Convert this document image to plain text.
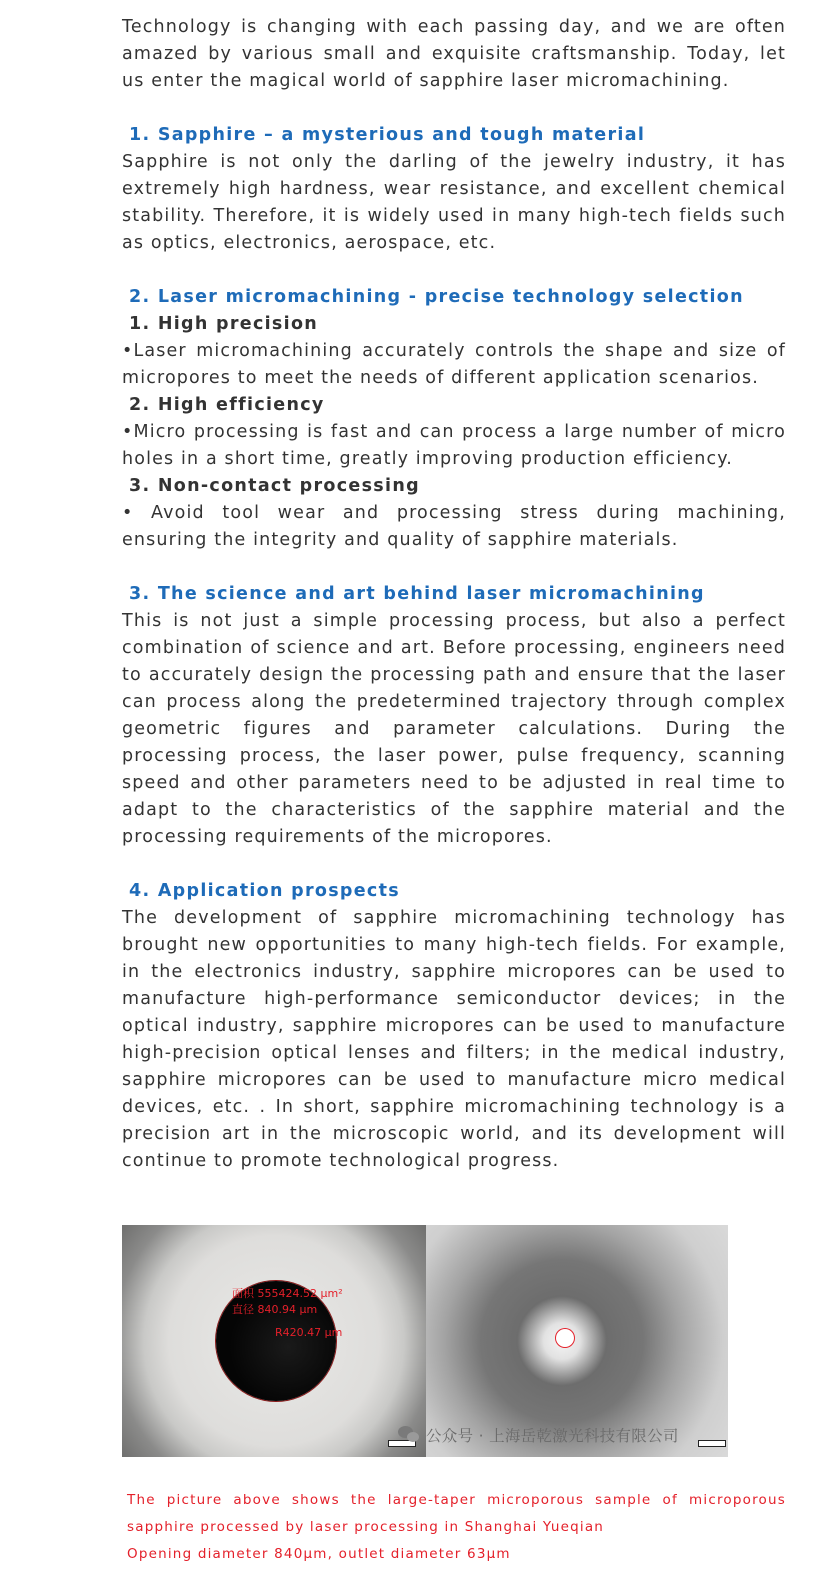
Technology is changing with each passing day, and we are often amazed by various small and exquisite craftsmanship. Today, let us enter the magical world of sapphire laser micromachining.

1. Sapphire – a mysterious and tough material

Sapphire is not only the darling of the jewelry industry, it has extremely high hardness, wear resistance, and excellent chemical stability. Therefore, it is widely used in many high-tech fields such as optics, electronics, aerospace, etc.

2. Laser micromachining - precise technology selection

1. High precision

•Laser micromachining accurately controls the shape and size of micropores to meet the needs of different application scenarios.

2. High efficiency

•Micro processing is fast and can process a large number of micro holes in a short time, greatly improving production efficiency.

3. Non-contact processing

• Avoid tool wear and processing stress during machining, ensuring the integrity and quality of sapphire materials.

3. The science and art behind laser micromachining

This is not just a simple processing process, but also a perfect combination of science and art. Before processing, engineers need to accurately design the processing path and ensure that the laser can process along the predetermined trajectory through complex geometric figures and parameter calculations. During the processing process, the laser power, pulse frequency, scanning speed and other parameters need to be adjusted in real time to adapt to the characteristics of the sapphire material and the processing requirements of the micropores.

4. Application prospects

The development of sapphire micromachining technology has brought new opportunities to many high-tech fields. For example, in the electronics industry, sapphire micropores can be used to manufacture high-performance semiconductor devices; in the optical industry, sapphire micropores can be used to manufacture high-precision optical lenses and filters; in the medical industry, sapphire micropores can be used to manufacture micro medical devices, etc. . In short, sapphire micromachining technology is a precision art in the microscopic world, and its development will continue to promote technological progress.

面积 555424.52 μm²
直径 840.94 μm
R420.47 μm
公众号 · 上海岳乾激光科技有限公司

The picture above shows the large-taper microporous sample of microporous sapphire processed by laser processing in Shanghai Yueqian

Opening diameter 840μm, outlet diameter 63μm
